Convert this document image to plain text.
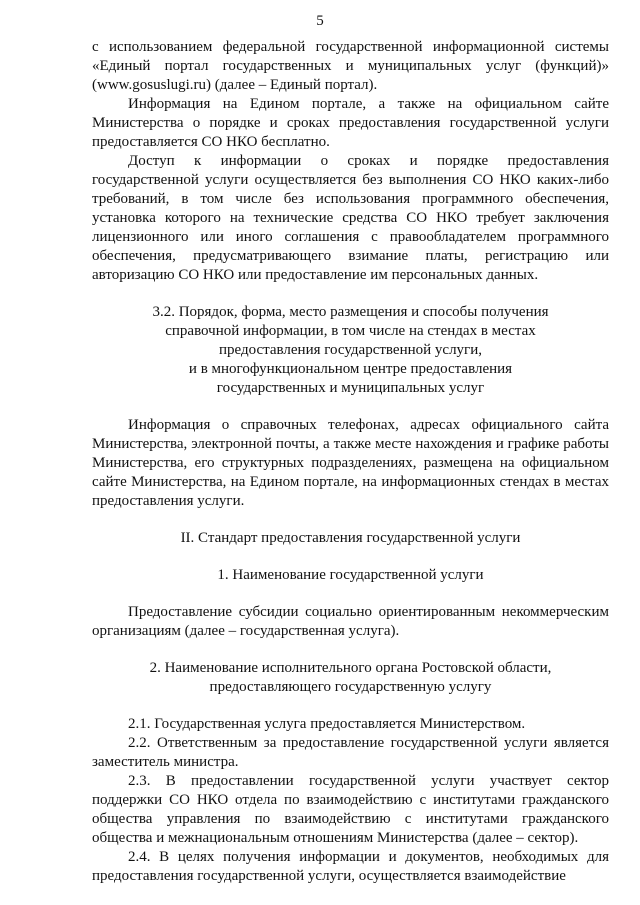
5

с использованием федеральной государственной информационной системы «Единый портал государственных и муниципальных услуг (функций)» (www.gosuslugi.ru) (далее – Единый портал).

Информация на Едином портале, а также на официальном сайте Министерства о порядке и сроках предоставления государственной услуги предоставляется СО НКО бесплатно.

Доступ к информации о сроках и порядке предоставления государственной услуги осуществляется без выполнения СО НКО каких-либо требований, в том числе без использования программного обеспечения, установка которого на технические средства СО НКО требует заключения лицензионного или иного соглашения с правообладателем программного обеспечения, предусматривающего взимание платы, регистрацию или авторизацию СО НКО или предоставление им персональных данных.

3.2. Порядок, форма, место размещения и способы получения
справочной информации, в том числе на стендах в местах
предоставления государственной услуги,
и в многофункциональном центре предоставления
государственных и муниципальных услуг

Информация о справочных телефонах, адресах официального сайта Министерства, электронной почты, а также месте нахождения и графике работы Министерства, его структурных подразделениях, размещена на официальном сайте Министерства, на Едином портале, на информационных стендах в местах предоставления услуги.

II. Стандарт предоставления государственной услуги
1. Наименование государственной услуги

Предоставление субсидии социально ориентированным некоммерческим организациям (далее – государственная услуга).

2. Наименование исполнительного органа Ростовской области,
предоставляющего государственную услугу

2.1. Государственная услуга предоставляется Министерством.

2.2. Ответственным за предоставление государственной услуги является заместитель министра.

2.3. В предоставлении государственной услуги участвует сектор поддержки СО НКО отдела по взаимодействию с институтами гражданского общества управления по взаимодействию с институтами гражданского общества и межнациональным отношениям Министерства (далее – сектор).

2.4. В целях получения информации и документов, необходимых для предоставления государственной услуги, осуществляется взаимодействие
